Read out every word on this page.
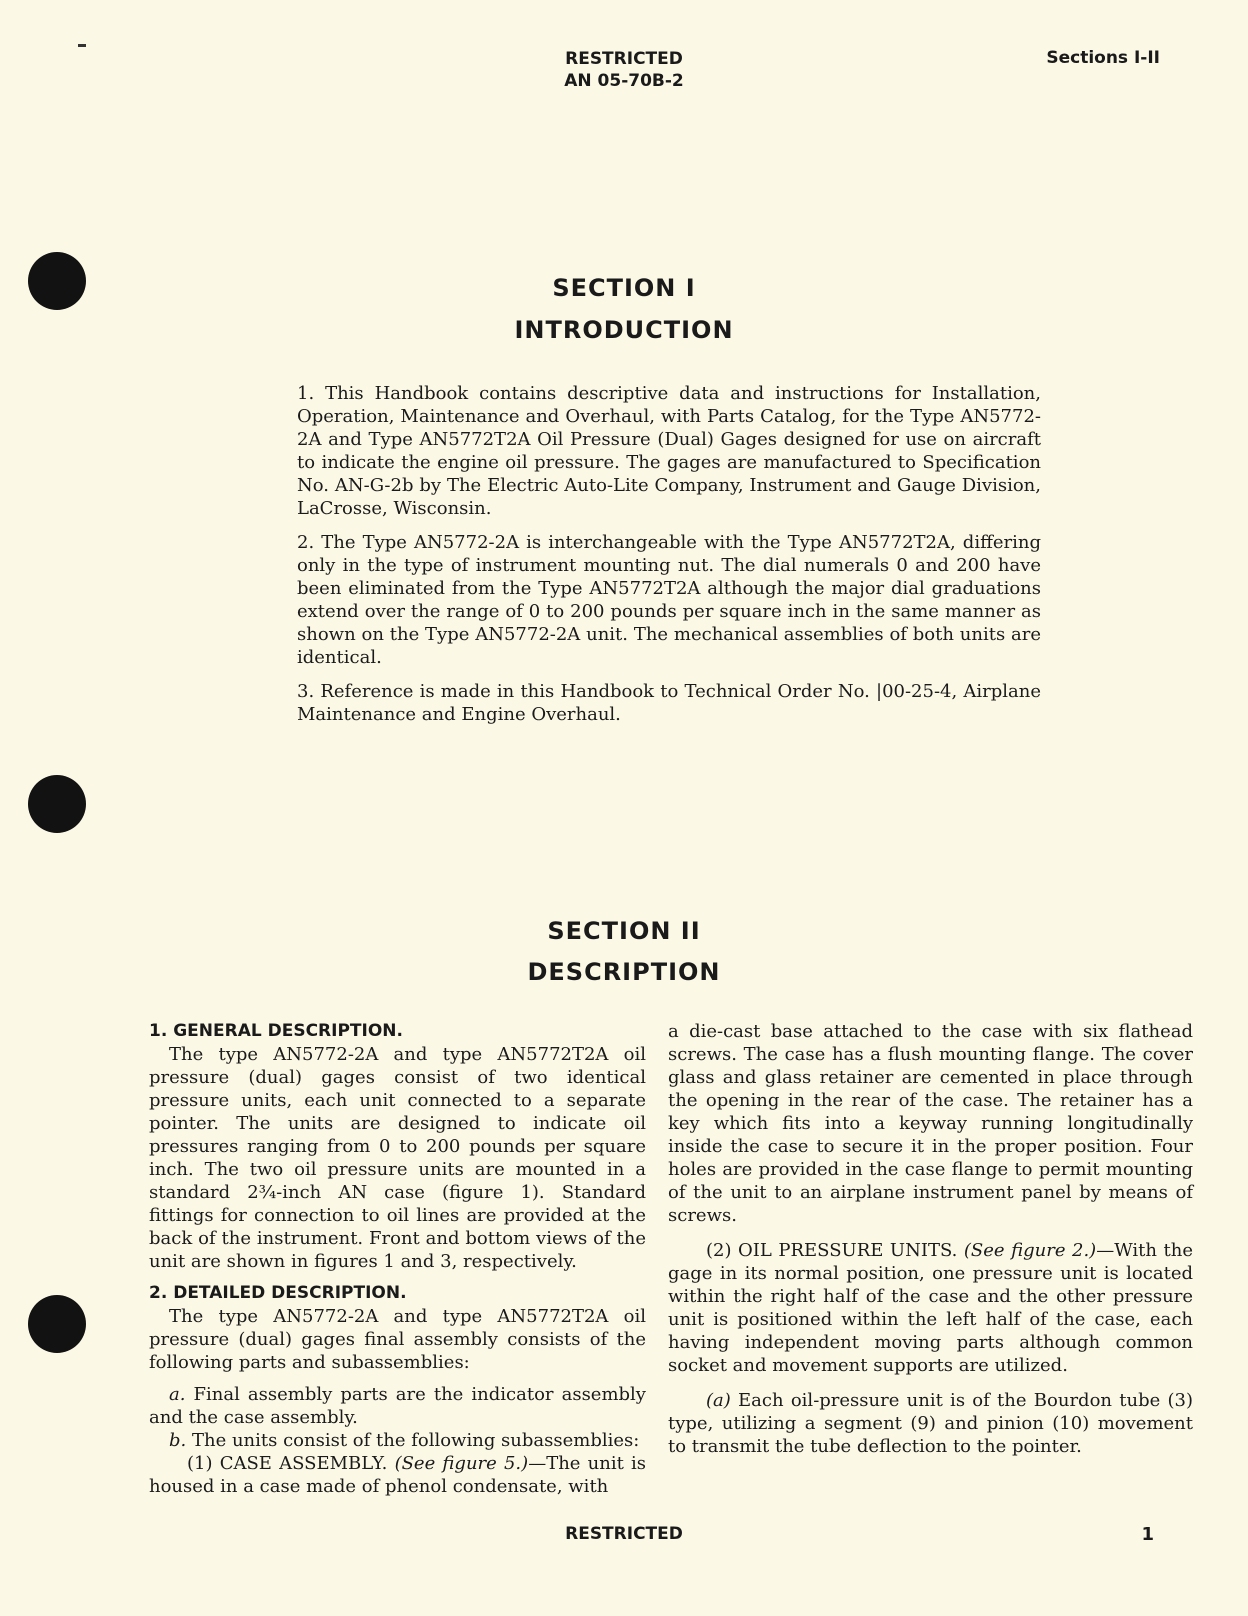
RESTRICTED
AN 05-70B-2
Sections I-II
SECTION I
INTRODUCTION

1. This Handbook contains descriptive data and instructions for Installation, Operation, Maintenance and Overhaul, with Parts Catalog, for the Type AN5772-2A and Type AN5772T2A Oil Pressure (Dual) Gages designed for use on aircraft to indicate the engine oil pressure. The gages are manufactured to Specification No. AN-G-2b by The Electric Auto-Lite Company, Instrument and Gauge Division, LaCrosse, Wisconsin.

2. The Type AN5772-2A is interchangeable with the Type AN5772T2A, differing only in the type of instrument mounting nut. The dial numerals 0 and 200 have been eliminated from the Type AN5772T2A although the major dial graduations extend over the range of 0 to 200 pounds per square inch in the same manner as shown on the Type AN5772-2A unit. The mechanical assemblies of both units are identical.

3. Reference is made in this Handbook to Technical Order No. |00-25-4, Airplane Maintenance and Engine Overhaul.

SECTION II
DESCRIPTION

1. GENERAL DESCRIPTION.

The type AN5772-2A and type AN5772T2A oil pressure (dual) gages consist of two identical pressure units, each unit connected to a separate pointer. The units are designed to indicate oil pressures ranging from 0 to 200 pounds per square inch. The two oil pressure units are mounted in a standard 2¾-inch AN case (figure 1). Standard fittings for connection to oil lines are provided at the back of the instrument. Front and bottom views of the unit are shown in figures 1 and 3, respectively.

2. DETAILED DESCRIPTION.

The type AN5772-2A and type AN5772T2A oil pressure (dual) gages final assembly consists of the following parts and subassemblies:

a. Final assembly parts are the indicator assembly and the case assembly.

b. The units consist of the following subassemblies:

(1) CASE ASSEMBLY. (See figure 5.)—The unit is housed in a case made of phenol condensate, with

a die-cast base attached to the case with six flathead screws. The case has a flush mounting flange. The cover glass and glass retainer are cemented in place through the opening in the rear of the case. The retainer has a key which fits into a keyway running longitudinally inside the case to secure it in the proper position. Four holes are provided in the case flange to permit mounting of the unit to an airplane instrument panel by means of screws.

(2) OIL PRESSURE UNITS. (See figure 2.)—With the gage in its normal position, one pressure unit is located within the right half of the case and the other pressure unit is positioned within the left half of the case, each having independent moving parts although common socket and movement supports are utilized.

(a) Each oil-pressure unit is of the Bourdon tube (3) type, utilizing a segment (9) and pinion (10) movement to transmit the tube deflection to the pointer.

RESTRICTED	1
